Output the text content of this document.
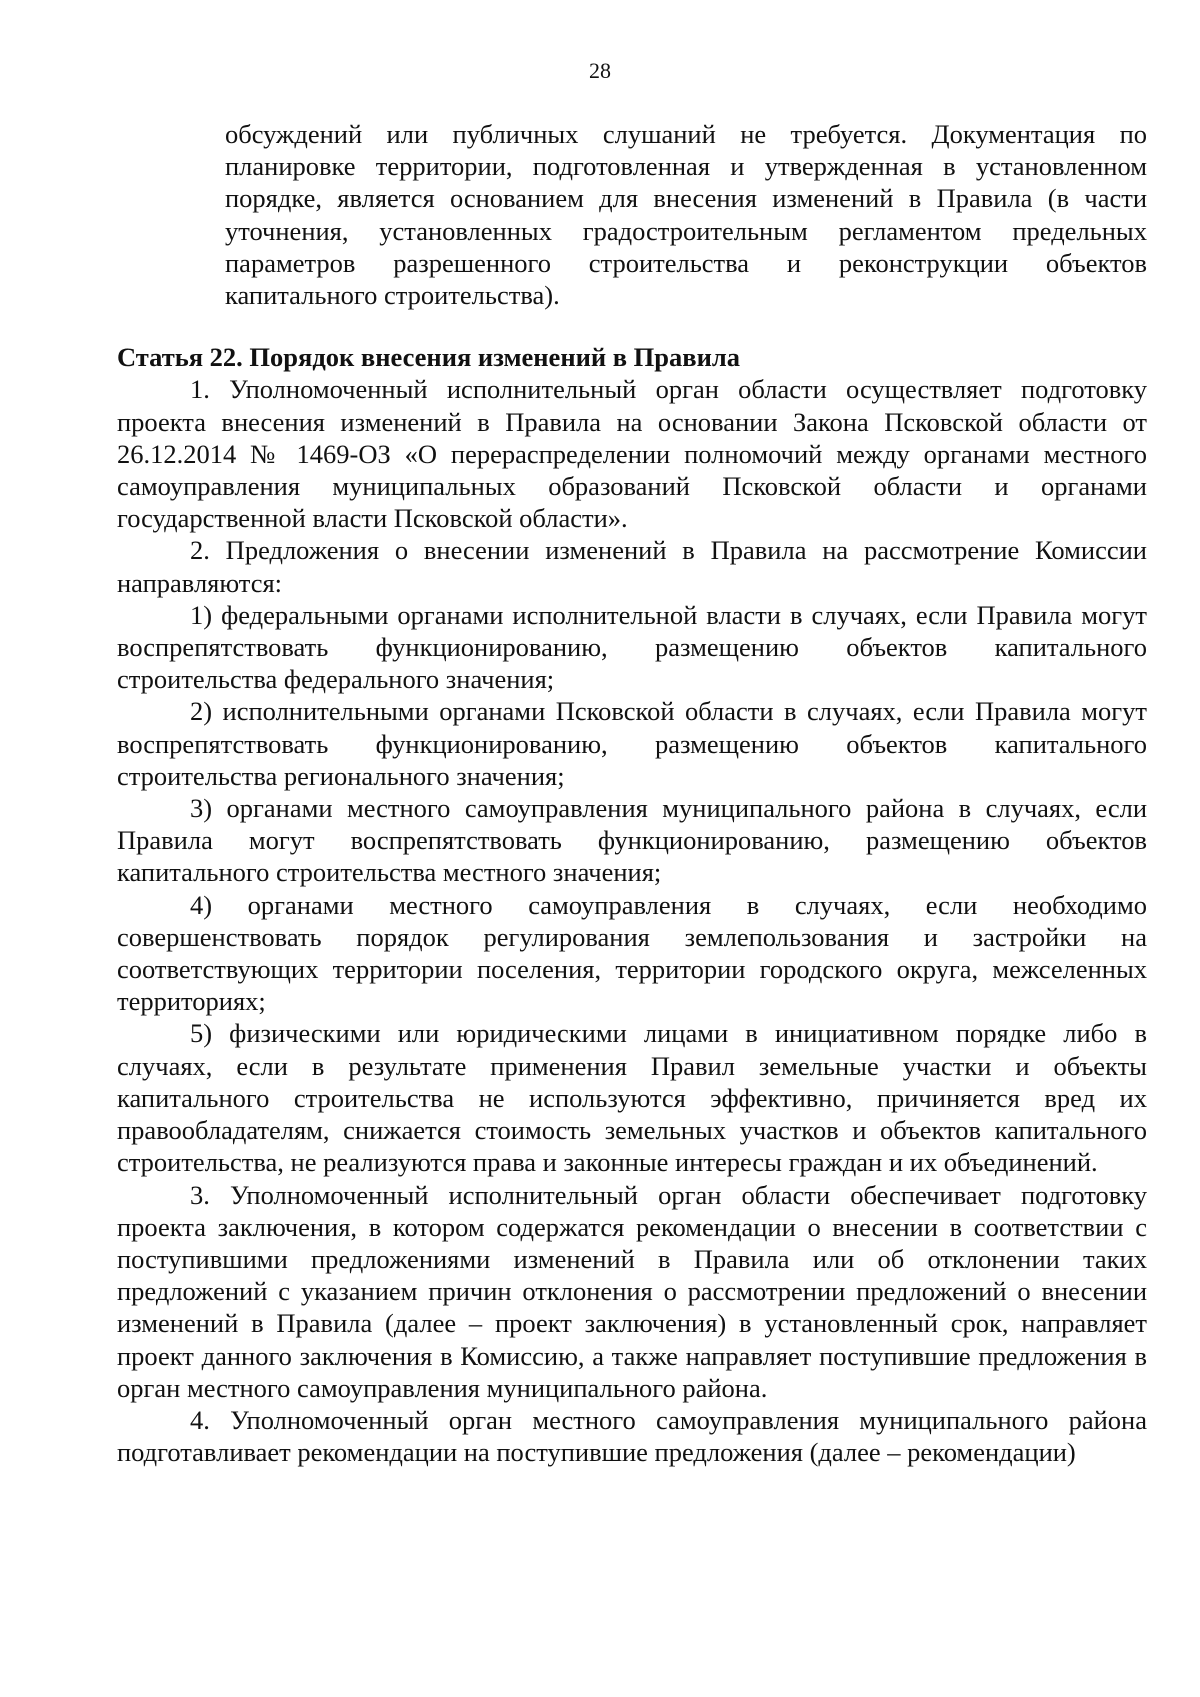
28
обсуждений или публичных слушаний не требуется. Документация по
планировке территории, подготовленная и утвержденная в установленном
порядке, является основанием для внесения изменений в Правила (в части
уточнения, установленных градостроительным регламентом предельных
параметров разрешенного строительства и реконструкции объектов
капитального строительства).
Статья 22. Порядок внесения изменений в Правила

1. Уполномоченный исполнительный орган области осуществляет подготовку проекта внесения изменений в Правила на основании Закона Псковской области от 26.12.2014 № 1469-ОЗ «О перераспределении полномочий между органами местного самоуправления муниципальных образований Псковской области и органами государственной власти Псковской области».

2. Предложения о внесении изменений в Правила на рассмотрение Комиссии направляются:

1) федеральными органами исполнительной власти в случаях, если Правила могут воспрепятствовать функционированию, размещению объектов капитального строительства федерального значения;

2) исполнительными органами Псковской области в случаях, если Правила могут воспрепятствовать функционированию, размещению объектов капитального строительства регионального значения;

3) органами местного самоуправления муниципального района в случаях, если Правила могут воспрепятствовать функционированию, размещению объектов капитального строительства местного значения;

4) органами местного самоуправления в случаях, если необходимо совершенствовать порядок регулирования землепользования и застройки на соответствующих территории поселения, территории городского округа, межселенных территориях;

5) физическими или юридическими лицами в инициативном порядке либо в случаях, если в результате применения Правил земельные участки и объекты капитального строительства не используются эффективно, причиняется вред их правообладателям, снижается стоимость земельных участков и объектов капитального строительства, не реализуются права и законные интересы граждан и их объединений.

3. Уполномоченный исполнительный орган области обеспечивает подготовку проекта заключения, в котором содержатся рекомендации о внесении в соответствии с поступившими предложениями изменений в Правила или об отклонении таких предложений с указанием причин отклонения о рассмотрении предложений о внесении изменений в Правила (далее – проект заключения) в установленный срок, направляет проект данного заключения в Комиссию, а также направляет поступившие предложения в орган местного самоуправления муниципального района.

4. Уполномоченный орган местного самоуправления муниципального района подготавливает рекомендации на поступившие предложения (далее – рекомендации)
